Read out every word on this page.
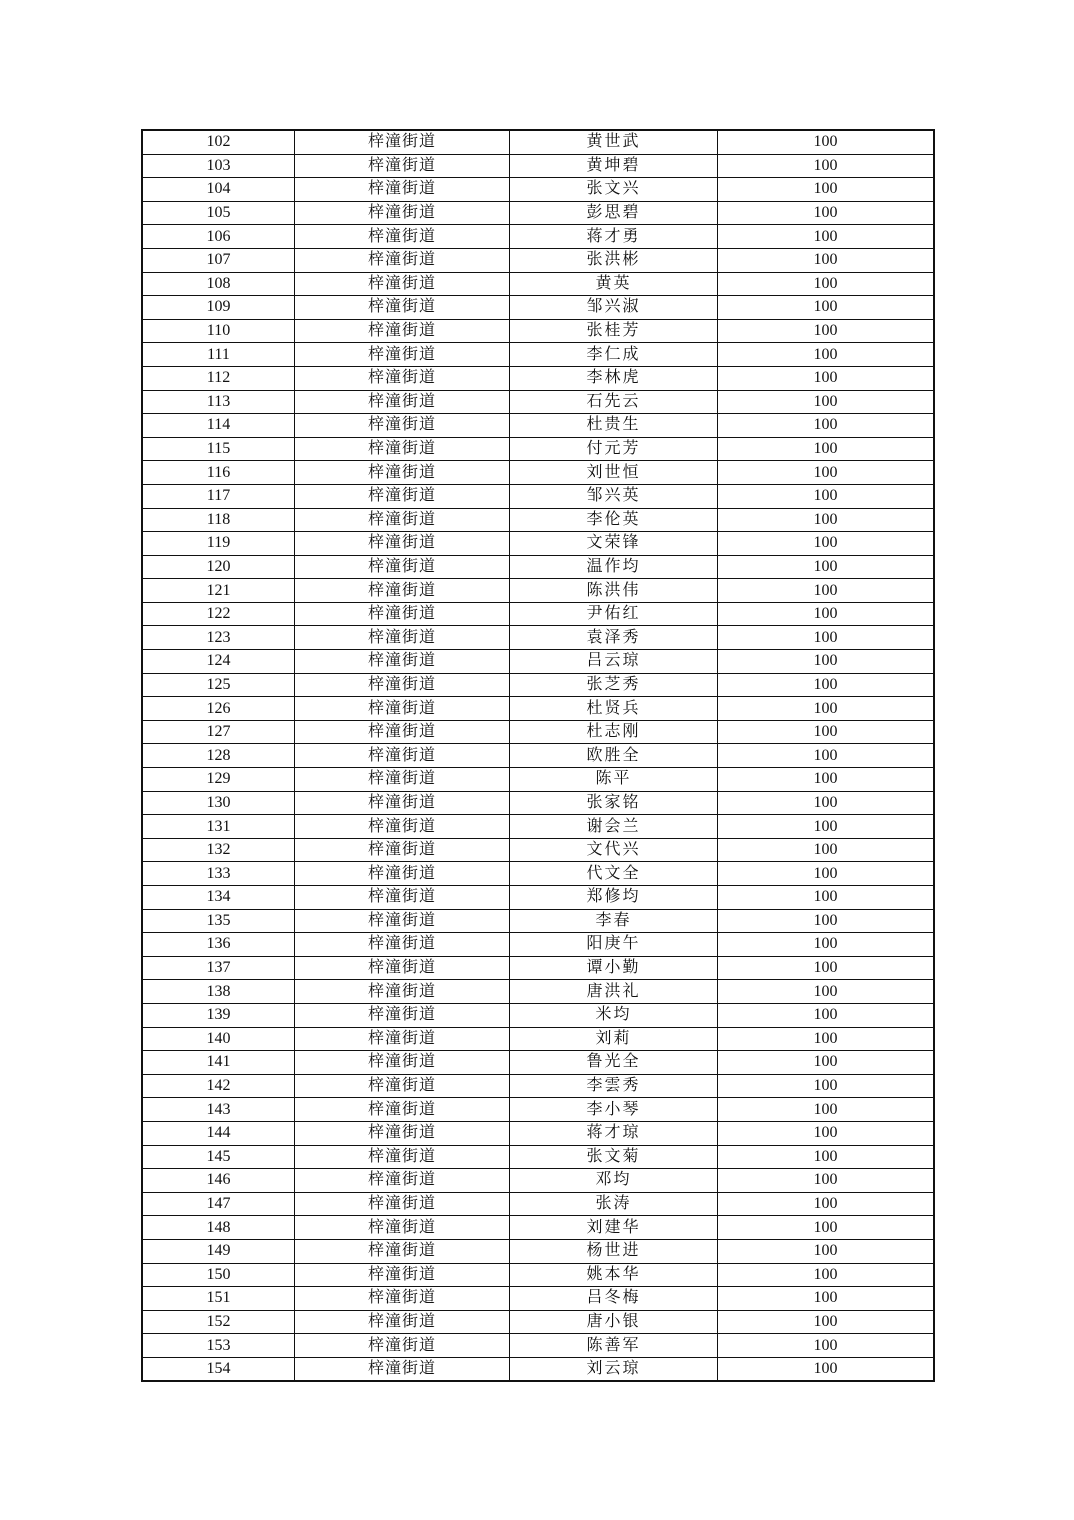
102	梓潼街道	黄世武	100
103	梓潼街道	黄坤碧	100
104	梓潼街道	张文兴	100
105	梓潼街道	彭思碧	100
106	梓潼街道	蒋才勇	100
107	梓潼街道	张洪彬	100
108	梓潼街道	黄英	100
109	梓潼街道	邹兴淑	100
110	梓潼街道	张桂芳	100
111	梓潼街道	李仁成	100
112	梓潼街道	李林虎	100
113	梓潼街道	石先云	100
114	梓潼街道	杜贵生	100
115	梓潼街道	付元芳	100
116	梓潼街道	刘世恒	100
117	梓潼街道	邹兴英	100
118	梓潼街道	李伦英	100
119	梓潼街道	文荣锋	100
120	梓潼街道	温作均	100
121	梓潼街道	陈洪伟	100
122	梓潼街道	尹佑红	100
123	梓潼街道	袁泽秀	100
124	梓潼街道	吕云琼	100
125	梓潼街道	张芝秀	100
126	梓潼街道	杜贤兵	100
127	梓潼街道	杜志刚	100
128	梓潼街道	欧胜全	100
129	梓潼街道	陈平	100
130	梓潼街道	张家铭	100
131	梓潼街道	谢会兰	100
132	梓潼街道	文代兴	100
133	梓潼街道	代文全	100
134	梓潼街道	郑修均	100
135	梓潼街道	李春	100
136	梓潼街道	阳庚午	100
137	梓潼街道	谭小勤	100
138	梓潼街道	唐洪礼	100
139	梓潼街道	米均	100
140	梓潼街道	刘莉	100
141	梓潼街道	鲁光全	100
142	梓潼街道	李雲秀	100
143	梓潼街道	李小琴	100
144	梓潼街道	蒋才琼	100
145	梓潼街道	张文菊	100
146	梓潼街道	邓均	100
147	梓潼街道	张涛	100
148	梓潼街道	刘建华	100
149	梓潼街道	杨世进	100
150	梓潼街道	姚本华	100
151	梓潼街道	吕冬梅	100
152	梓潼街道	唐小银	100
153	梓潼街道	陈善军	100
154	梓潼街道	刘云琼	100
